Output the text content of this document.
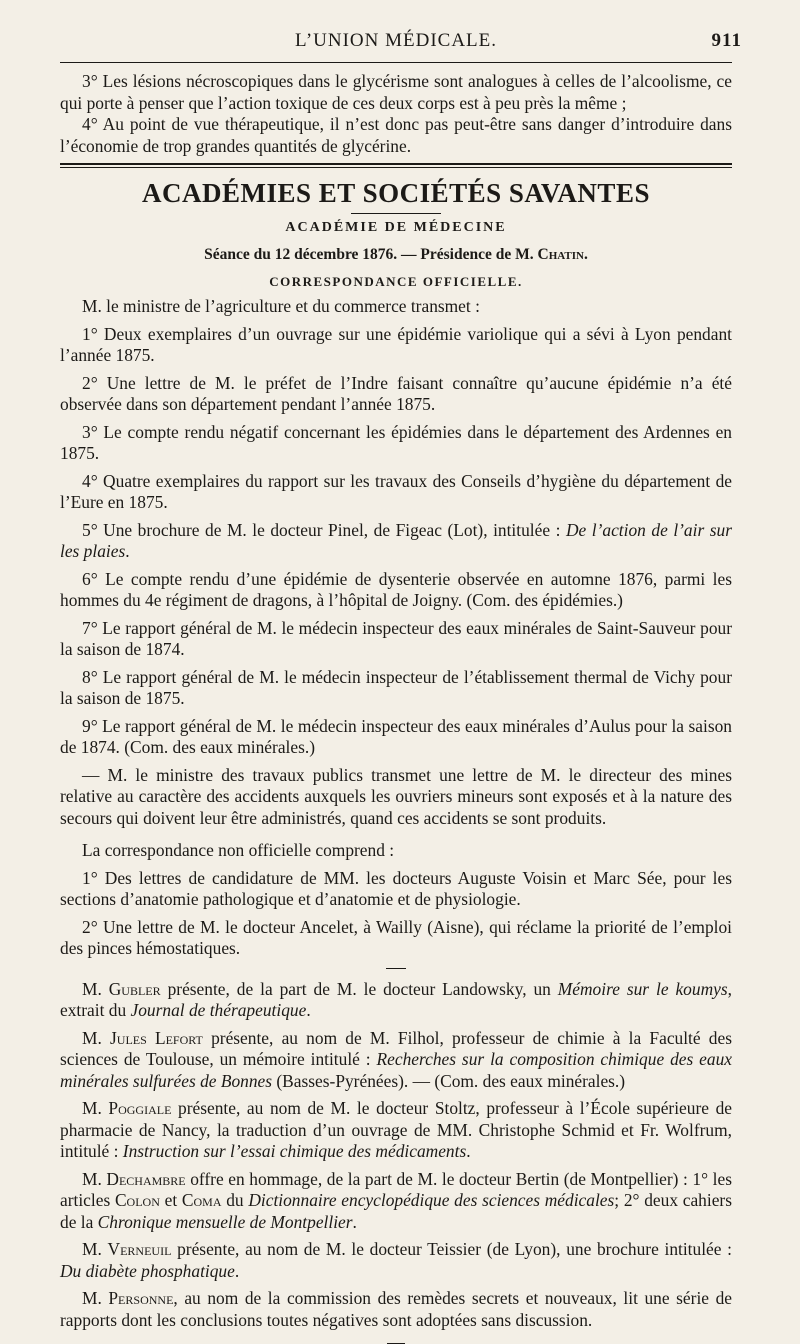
L’UNION MÉDICALE.	911

3° Les lésions nécroscopiques dans le glycérisme sont analogues à celles de l’alcoolisme, ce qui porte à penser que l’action toxique de ces deux corps est à peu près la même ;

4° Au point de vue thérapeutique, il n’est donc pas peut-être sans danger d’introduire dans l’économie de trop grandes quantités de glycérine.

ACADÉMIES ET SOCIÉTÉS SAVANTES
ACADÉMIE DE MÉDECINE
Séance du 12 décembre 1876. — Présidence de M. Chatin.
CORRESPONDANCE OFFICIELLE.

M. le ministre de l’agriculture et du commerce transmet :

1° Deux exemplaires d’un ouvrage sur une épidémie variolique qui a sévi à Lyon pendant l’année 1875.

2° Une lettre de M. le préfet de l’Indre faisant connaître qu’aucune épidémie n’a été observée dans son département pendant l’année 1875.

3° Le compte rendu négatif concernant les épidémies dans le département des Ardennes en 1875.

4° Quatre exemplaires du rapport sur les travaux des Conseils d’hygiène du département de l’Eure en 1875.

5° Une brochure de M. le docteur Pinel, de Figeac (Lot), intitulée : De l’action de l’air sur les plaies.

6° Le compte rendu d’une épidémie de dysenterie observée en automne 1876, parmi les hommes du 4e régiment de dragons, à l’hôpital de Joigny. (Com. des épidémies.)

7° Le rapport général de M. le médecin inspecteur des eaux minérales de Saint-Sauveur pour la saison de 1874.

8° Le rapport général de M. le médecin inspecteur de l’établissement thermal de Vichy pour la saison de 1875.

9° Le rapport général de M. le médecin inspecteur des eaux minérales d’Aulus pour la saison de 1874. (Com. des eaux minérales.)

— M. le ministre des travaux publics transmet une lettre de M. le directeur des mines relative au caractère des accidents auxquels les ouvriers mineurs sont exposés et à la nature des secours qui doivent leur être administrés, quand ces accidents se sont produits.

La correspondance non officielle comprend :

1° Des lettres de candidature de MM. les docteurs Auguste Voisin et Marc Sée, pour les sections d’anatomie pathologique et d’anatomie et de physiologie.

2° Une lettre de M. le docteur Ancelet, à Wailly (Aisne), qui réclame la priorité de l’emploi des pinces hémostatiques.

M. Gubler présente, de la part de M. le docteur Landowsky, un Mémoire sur le koumys, extrait du Journal de thérapeutique.

M. Jules Lefort présente, au nom de M. Filhol, professeur de chimie à la Faculté des sciences de Toulouse, un mémoire intitulé : Recherches sur la composition chimique des eaux minérales sulfurées de Bonnes (Basses-Pyrénées). — (Com. des eaux minérales.)

M. Poggiale présente, au nom de M. le docteur Stoltz, professeur à l’École supérieure de pharmacie de Nancy, la traduction d’un ouvrage de MM. Christophe Schmid et Fr. Wolfrum, intitulé : Instruction sur l’essai chimique des médicaments.

M. Dechambre offre en hommage, de la part de M. le docteur Bertin (de Montpellier) : 1° les articles Colon et Coma du Dictionnaire encyclopédique des sciences médicales; 2° deux cahiers de la Chronique mensuelle de Montpellier.

M. Verneuil présente, au nom de M. le docteur Teissier (de Lyon), une brochure intitulée : Du diabète phosphatique.

M. Personne, au nom de la commission des remèdes secrets et nouveaux, lit une série de rapports dont les conclusions toutes négatives sont adoptées sans discussion.
